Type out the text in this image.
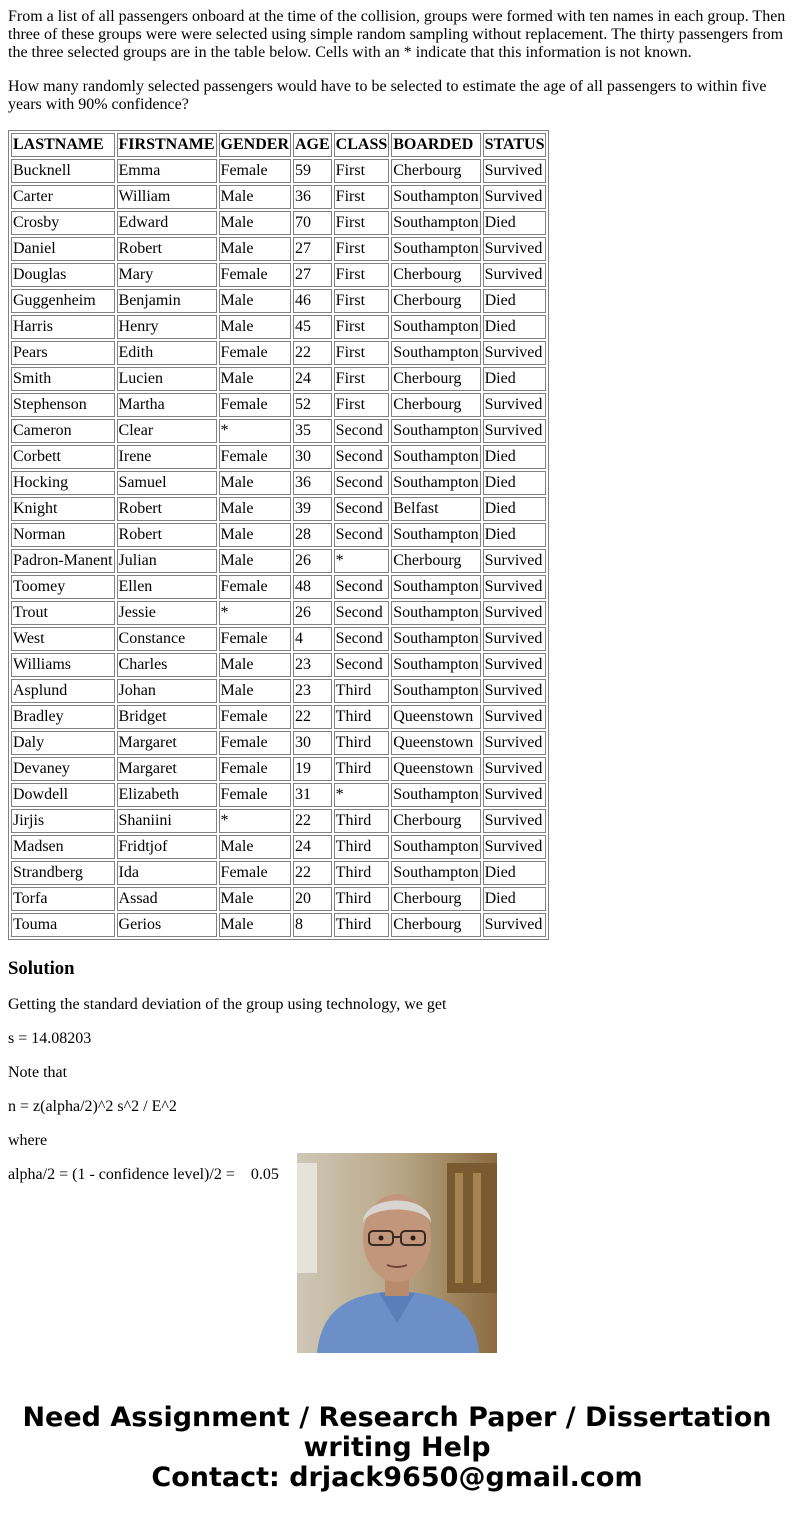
From a list of all passengers onboard at the time of the collision, groups were formed with ten names in each group. Then three of these groups were were selected using simple random sampling without replacement. The thirty passengers from the three selected groups are in the table below. Cells with an * indicate that this information is not known.

How many randomly selected passengers would have to be selected to estimate the age of all passengers to within five years with 90% confidence?

LASTNAME	FIRSTNAME	GENDER	AGE	CLASS	BOARDED	STATUS
Bucknell	Emma	Female	59	First	Cherbourg	Survived
Carter	William	Male	36	First	Southampton	Survived
Crosby	Edward	Male	70	First	Southampton	Died
Daniel	Robert	Male	27	First	Southampton	Survived
Douglas	Mary	Female	27	First	Cherbourg	Survived
Guggenheim	Benjamin	Male	46	First	Cherbourg	Died
Harris	Henry	Male	45	First	Southampton	Died
Pears	Edith	Female	22	First	Southampton	Survived
Smith	Lucien	Male	24	First	Cherbourg	Died
Stephenson	Martha	Female	52	First	Cherbourg	Survived
Cameron	Clear	*	35	Second	Southampton	Survived
Corbett	Irene	Female	30	Second	Southampton	Died
Hocking	Samuel	Male	36	Second	Southampton	Died
Knight	Robert	Male	39	Second	Belfast	Died
Norman	Robert	Male	28	Second	Southampton	Died
Padron-Manent	Julian	Male	26	*	Cherbourg	Survived
Toomey	Ellen	Female	48	Second	Southampton	Survived
Trout	Jessie	*	26	Second	Southampton	Survived
West	Constance	Female	4	Second	Southampton	Survived
Williams	Charles	Male	23	Second	Southampton	Survived
Asplund	Johan	Male	23	Third	Southampton	Survived
Bradley	Bridget	Female	22	Third	Queenstown	Survived
Daly	Margaret	Female	30	Third	Queenstown	Survived
Devaney	Margaret	Female	19	Third	Queenstown	Survived
Dowdell	Elizabeth	Female	31	*	Southampton	Survived
Jirjis	Shaniini	*	22	Third	Cherbourg	Survived
Madsen	Fridtjof	Male	24	Third	Southampton	Survived
Strandberg	Ida	Female	22	Third	Southampton	Died
Torfa	Assad	Male	20	Third	Cherbourg	Died
Touma	Gerios	Male	8	Third	Cherbourg	Survived
Solution

Getting the standard deviation of the group using technology, we get

s = 14.08203

Note that

n = z(alpha/2)^2 s^2 / E^2

where

alpha/2 = (1 - confidence level)/2 =    0.05

Need Assignment / Research Paper / Dissertation
writing Help
Contact: drjack9650@gmail.com
